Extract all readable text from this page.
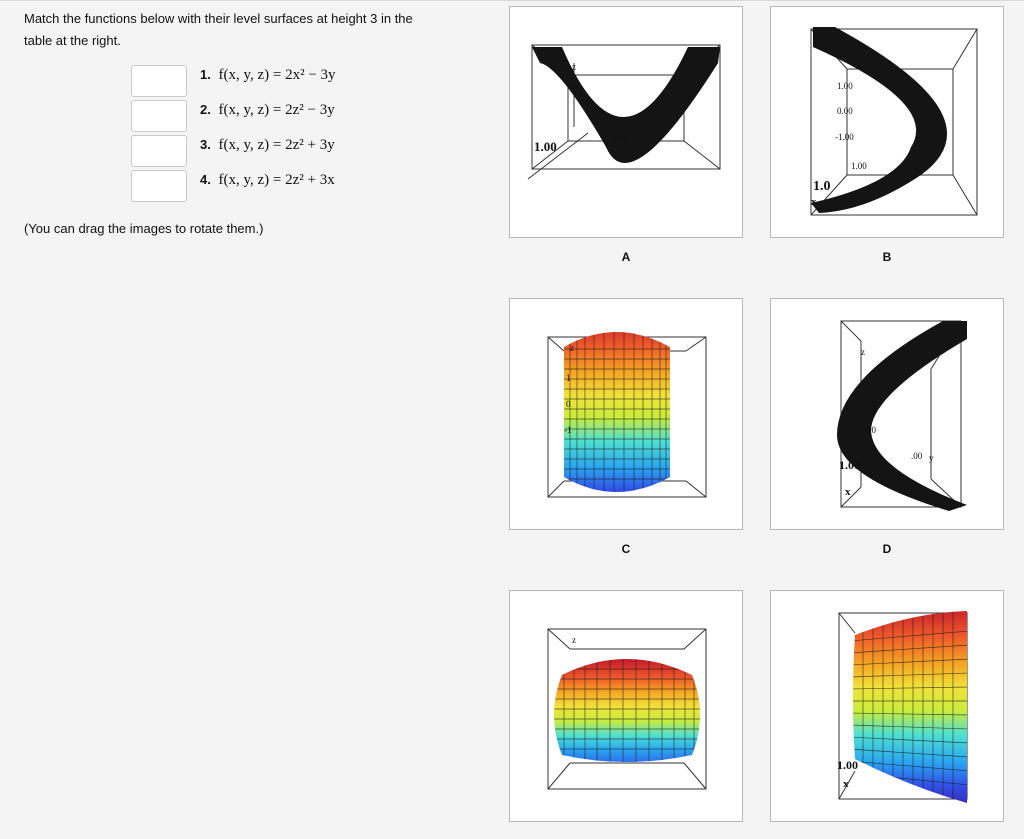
Match the functions below with their level surfaces at height 3 in the
table at the right.
1. f(x, y, z) = 2x² − 3y
2. f(x, y, z) = 2z² − 3y
3. f(x, y, z) = 2z² + 3y
4. f(x, y, z) = 2z² + 3x
(You can drag the images to rotate them.)
z
00
1.00
0.00
A
1.00
0.00
-1.00
1.00
1.0
x
B
z
1
0
-1
C
z
00
00
1.00
.00
x
y
D
z
1.00
x
